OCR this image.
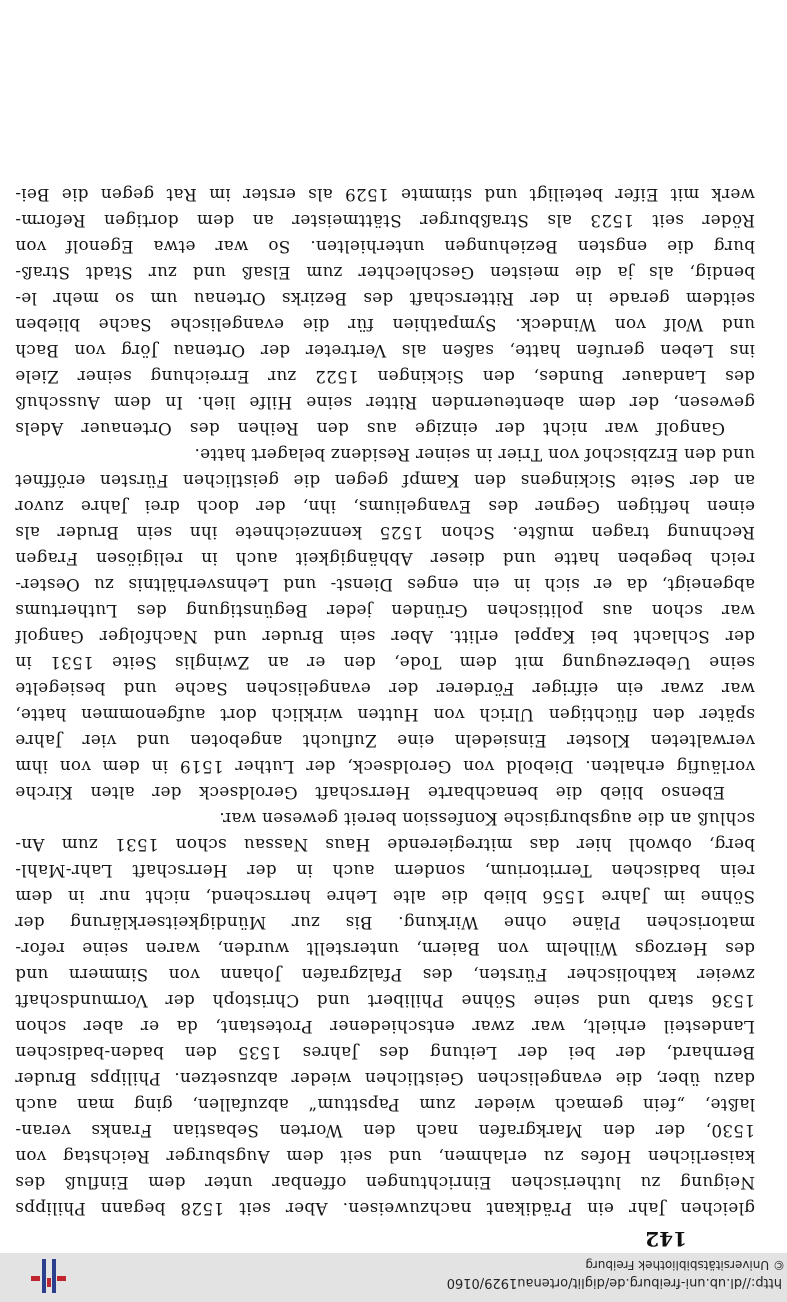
142
gleichen Jahr ein Prädikant nachzuweisen. Aber seit 1528 begann Philipps
Neigung zu lutherischen Einrichtungen offenbar unter dem Einfluß des
kaiserlichen Hofes zu erlahmen, und seit dem Augsburger Reichstag von
1530, der den Markgrafen nach den Worten Sebastian Franks veran-
laßte, „fein gemach wieder zum Papsttum“ abzufallen, ging man auch
dazu über, die evangelischen Geistlichen wieder abzusetzen. Philipps Bruder
Bernhard, der bei der Leitung des Jahres 1535 den baden-badischen
Landesteil erhielt, war zwar entschiedener Protestant, da er aber schon
1536 starb und seine Söhne Philibert und Christoph der Vormundschaft
zweier katholischer Fürsten, des Pfalzgrafen Johann von Simmern und
des Herzogs Wilhelm von Baiern, unterstellt wurden, waren seine refor-
matorischen Pläne ohne Wirkung. Bis zur Mündigkeitserklärung der
Söhne im Jahre 1556 blieb die alte Lehre herrschend, nicht nur in dem
rein badischen Territorium, sondern auch in der Herrschaft Lahr-Mahl-
berg, obwohl hier das mitregierende Haus Nassau schon 1531 zum An-
schluß an die augsburgische Konfession bereit gewesen war.
Ebenso blieb die benachbarte Herrschaft Geroldseck der alten Kirche
vorläufig erhalten. Diebold von Geroldseck, der Luther 1519 in dem von ihm
verwalteten Kloster Einsiedeln eine Zuflucht angeboten und vier Jahre
später den flüchtigen Ulrich von Hutten wirklich dort aufgenommen hatte,
war zwar ein eifriger Förderer der evangelischen Sache und besiegelte
seine Ueberzeugung mit dem Tode, den er an Zwinglis Seite 1531 in
der Schlacht bei Kappel erlitt. Aber sein Bruder und Nachfolger Gangolf
war schon aus politischen Gründen jeder Begünstigung des Luthertums
abgeneigt, da er sich in ein enges Dienst- und Lehnsverhältnis zu Oester-
reich begeben hatte und dieser Abhängigkeit auch in religiösen Fragen
Rechnung tragen mußte. Schon 1525 kennzeichnete ihn sein Bruder als
einen heftigen Gegner des Evangeliums, ihn, der doch drei Jahre zuvor
an der Seite Sickingens den Kampf gegen die geistlichen Fürsten eröffnet
und den Erzbischof von Trier in seiner Residenz belagert hatte.
Gangolf war nicht der einzige aus den Reihen des Ortenauer Adels
gewesen, der dem abenteuernden Ritter seine Hilfe lieh. In dem Ausschuß
des Landauer Bundes, den Sickingen 1522 zur Erreichung seiner Ziele
ins Leben gerufen hatte, saßen als Vertreter der Ortenau Jörg von Bach
und Wolf von Windeck. Sympathien für die evangelische Sache blieben
seitdem gerade in der Ritterschaft des Bezirks Ortenau um so mehr le-
bendig, als ja die meisten Geschlechter zum Elsaß und zur Stadt Straß-
burg die engsten Beziehungen unterhielten. So war etwa Egenolf von
Röder seit 1523 als Straßburger Stättmeister an dem dortigen Reform-
werk mit Eifer beteiligt und stimmte 1529 als erster im Rat gegen die Bei-
© Universitätsbibliothek Freiburg
http://dl.ub.uni-freiburg.de/diglit/ortenau1929/0160
